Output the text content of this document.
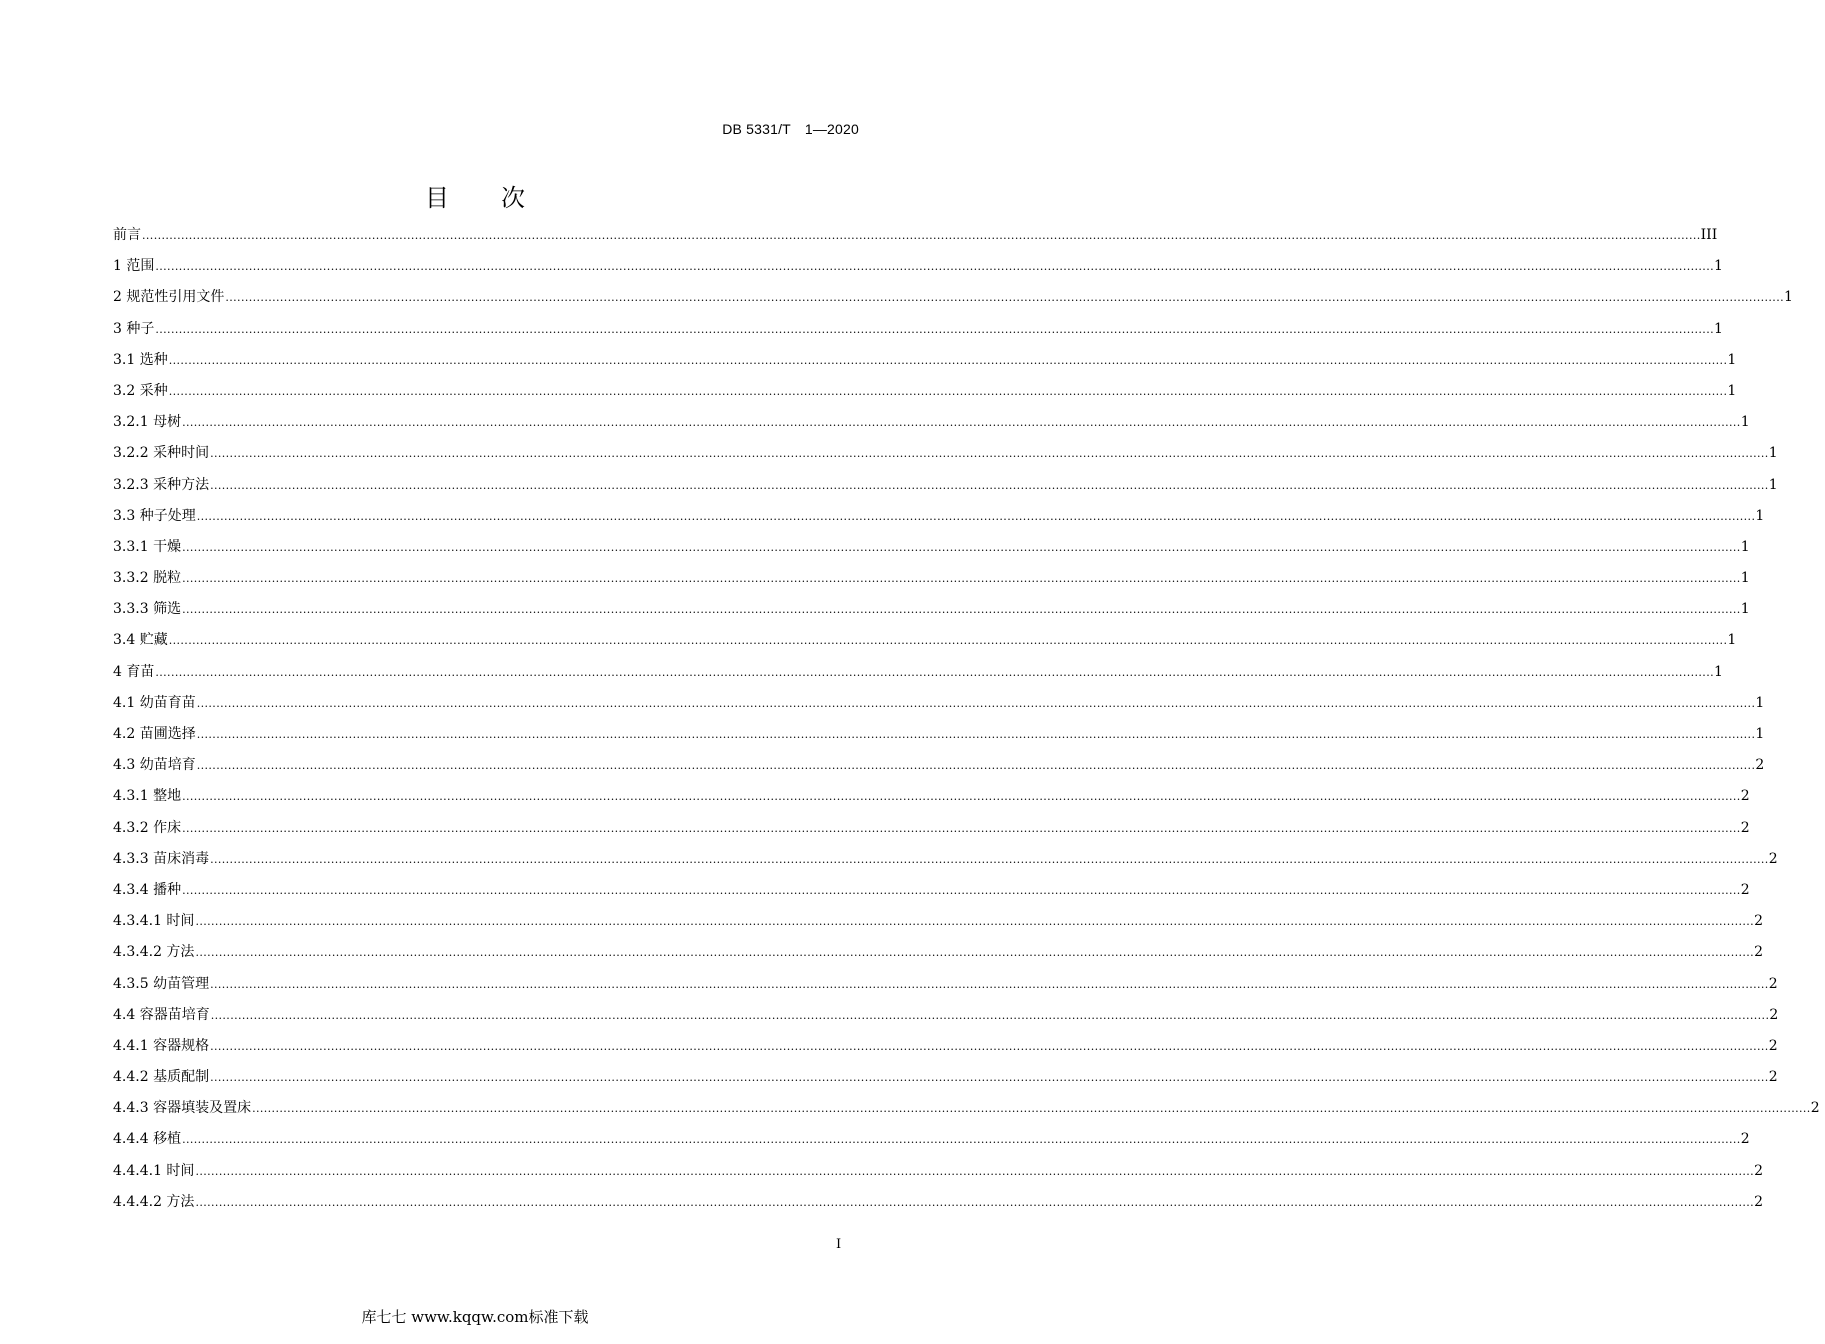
DB 5331/T　1—2020
目 次
前言 ................................................................................................................................................................................................................................................................................................................................................................................................................ III
1 范围 ................................................................................................................................................................................................................................................................................................................................................................................................................ 1
2 规范性引用文件 ................................................................................................................................................................................................................................................................................................................................................................................................................ 1
3 种子 ................................................................................................................................................................................................................................................................................................................................................................................................................ 1
3.1 选种 ................................................................................................................................................................................................................................................................................................................................................................................................................ 1
3.2 采种 ................................................................................................................................................................................................................................................................................................................................................................................................................ 1
3.2.1 母树 ................................................................................................................................................................................................................................................................................................................................................................................................................ 1
3.2.2 采种时间 ................................................................................................................................................................................................................................................................................................................................................................................................................ 1
3.2.3 采种方法 ................................................................................................................................................................................................................................................................................................................................................................................................................ 1
3.3 种子处理 ................................................................................................................................................................................................................................................................................................................................................................................................................ 1
3.3.1 干燥 ................................................................................................................................................................................................................................................................................................................................................................................................................ 1
3.3.2 脱粒 ................................................................................................................................................................................................................................................................................................................................................................................................................ 1
3.3.3 筛选 ................................................................................................................................................................................................................................................................................................................................................................................................................ 1
3.4 贮藏 ................................................................................................................................................................................................................................................................................................................................................................................................................ 1
4 育苗 ................................................................................................................................................................................................................................................................................................................................................................................................................ 1
4.1 幼苗育苗 ................................................................................................................................................................................................................................................................................................................................................................................................................ 1
4.2 苗圃选择 ................................................................................................................................................................................................................................................................................................................................................................................................................ 1
4.3 幼苗培育 ................................................................................................................................................................................................................................................................................................................................................................................................................ 2
4.3.1 整地 ................................................................................................................................................................................................................................................................................................................................................................................................................ 2
4.3.2 作床 ................................................................................................................................................................................................................................................................................................................................................................................................................ 2
4.3.3 苗床消毒 ................................................................................................................................................................................................................................................................................................................................................................................................................ 2
4.3.4 播种 ................................................................................................................................................................................................................................................................................................................................................................................................................ 2
4.3.4.1 时间 ................................................................................................................................................................................................................................................................................................................................................................................................................ 2
4.3.4.2 方法 ................................................................................................................................................................................................................................................................................................................................................................................................................ 2
4.3.5 幼苗管理 ................................................................................................................................................................................................................................................................................................................................................................................................................ 2
4.4 容器苗培育 ................................................................................................................................................................................................................................................................................................................................................................................................................ 2
4.4.1 容器规格 ................................................................................................................................................................................................................................................................................................................................................................................................................ 2
4.4.2 基质配制 ................................................................................................................................................................................................................................................................................................................................................................................................................ 2
4.4.3 容器填装及置床 ................................................................................................................................................................................................................................................................................................................................................................................................................ 2
4.4.4 移植 ................................................................................................................................................................................................................................................................................................................................................................................................................ 2
4.4.4.1 时间 ................................................................................................................................................................................................................................................................................................................................................................................................................ 2
4.4.4.2 方法 ................................................................................................................................................................................................................................................................................................................................................................................................................ 2
I
库七七 www.kqqw.com标准下载
